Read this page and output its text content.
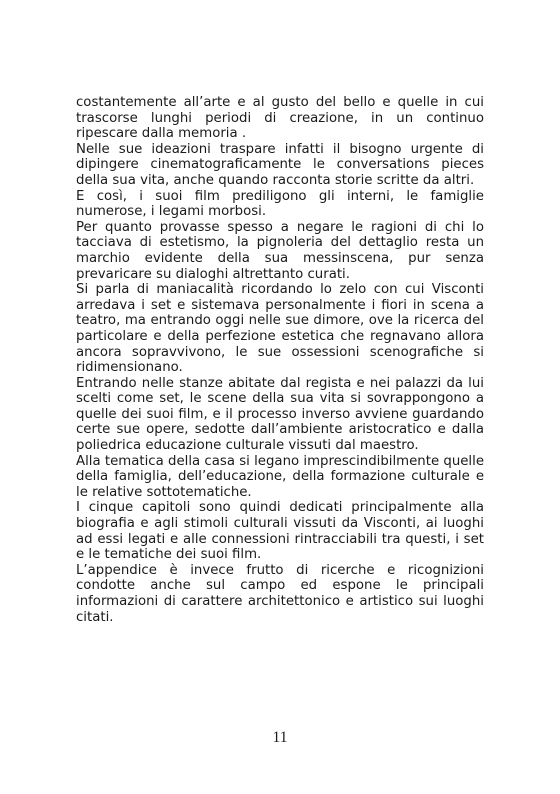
costantemente all’arte e al gusto del bello e quelle in cui trascorse lunghi periodi di creazione, in un continuo ripescare dalla memoria .

Nelle sue ideazioni traspare infatti il bisogno urgente di dipingere cinematograficamente le conversations pieces della sua vita, anche quando racconta storie scritte da altri.

E così, i suoi film prediligono gli interni, le famiglie numerose, i legami morbosi.

Per quanto provasse spesso a negare le ragioni di chi lo tacciava di estetismo, la pignoleria del dettaglio resta un marchio evidente della sua messinscena, pur senza prevaricare su dialoghi altrettanto curati.

Si parla di maniacalità ricordando lo zelo con cui Visconti arredava i set e sistemava personalmente i fiori in scena a teatro, ma entrando oggi nelle sue dimore, ove la ricerca del particolare e della perfezione estetica che regnavano allora ancora sopravvivono, le sue ossessioni scenografiche si ridimensionano.

Entrando nelle stanze abitate dal regista e nei palazzi da lui scelti come set, le scene della sua vita si sovrappongono a quelle dei suoi film, e il processo inverso avviene guardando certe sue opere, sedotte dall’ambiente aristocratico e dalla poliedrica educazione culturale vissuti dal maestro.

Alla tematica della casa si legano imprescindibilmente quelle della famiglia, dell’educazione, della formazione culturale e le relative sottotematiche.

I cinque capitoli sono quindi dedicati principalmente alla biografia e agli stimoli culturali vissuti da Visconti, ai luoghi ad essi legati e alle connessioni rintracciabili tra questi, i set e le tematiche dei suoi film.

L’appendice è invece frutto di ricerche e ricognizioni condotte anche sul campo ed espone le principali informazioni di carattere architettonico e artistico sui luoghi citati.

11
